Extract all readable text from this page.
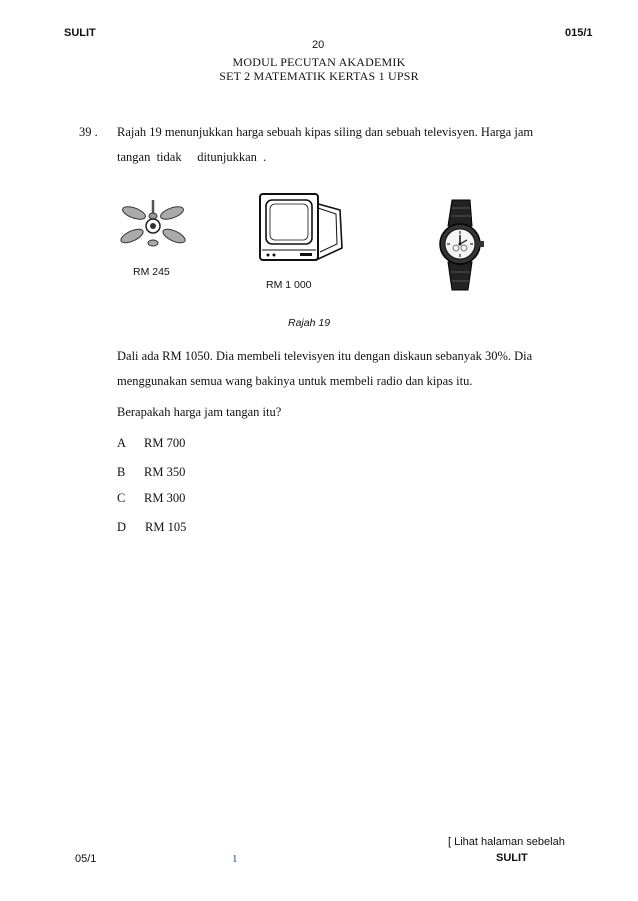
SULIT
20
015/1
MODUL PECUTAN AKADEMIK
SET 2 MATEMATIK KERTAS 1 UPSR
39 . Rajah 19 menunjukkan harga sebuah kipas siling dan sebuah televisyen. Harga jam
tangan  tidak     ditunjukkan  .
RM 245
RM 1 000
Rajah 19
Dali ada RM 1050. Dia membeli televisyen itu dengan diskaun sebanyak 30%. Dia
menggunakan semua wang bakinya untuk membeli radio dan kipas itu.
Berapakah harga jam tangan itu?
A RM 700
B RM 350
C RM 300
D RM 105
[ Lihat halaman sebelah
05/1	1	SULIT
